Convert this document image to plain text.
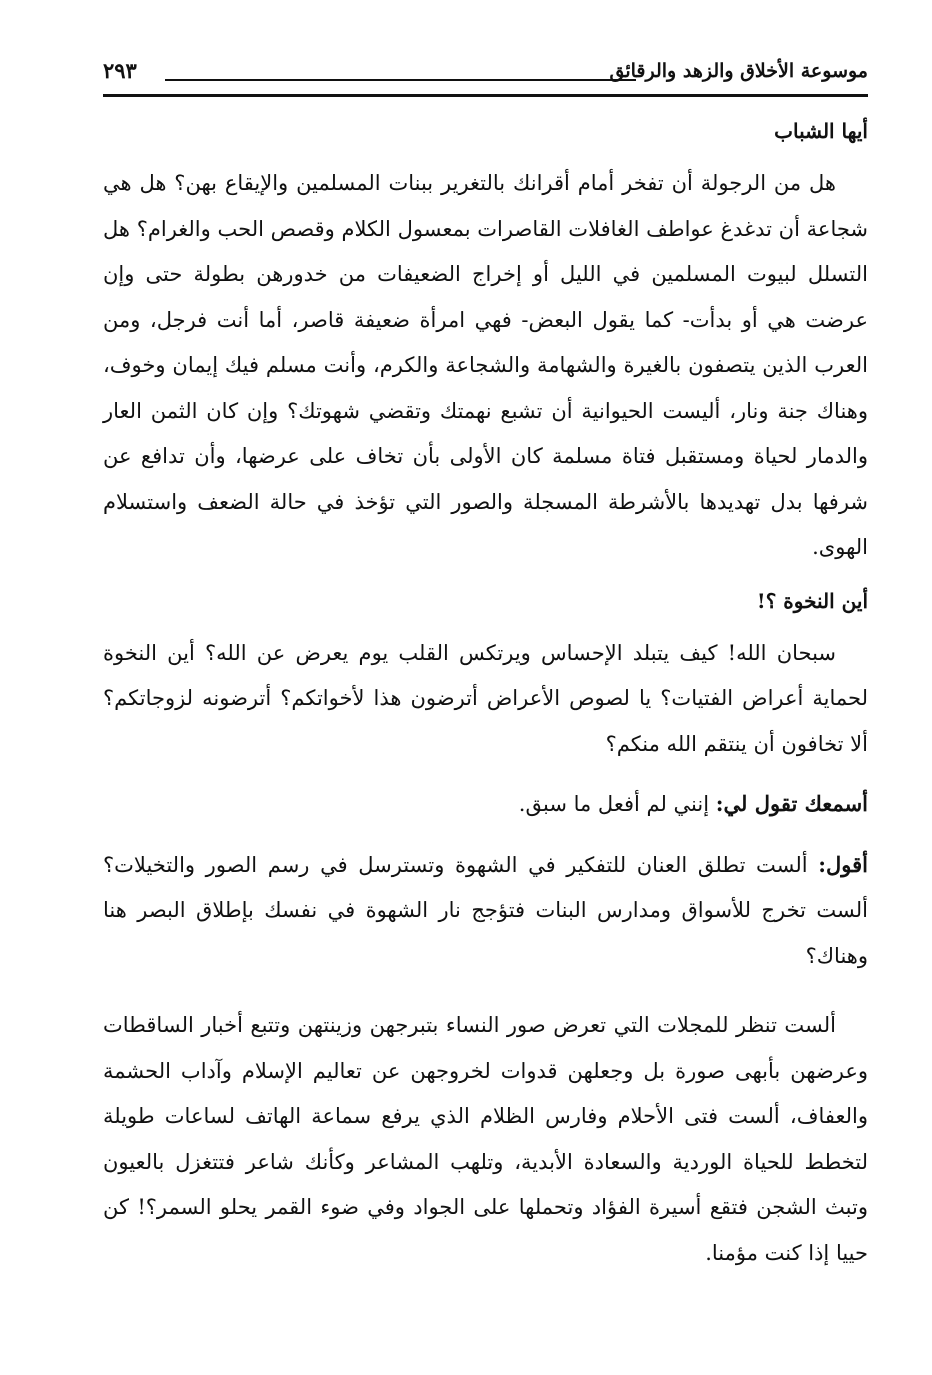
موسوعة الأخلاق والزهد والرقائق
٢٩٣
أيها الشباب

هل من الرجولة أن تفخر أمام أقرانك بالتغرير ببنات المسلمين والإيقاع بهن؟ هل هي شجاعة أن تدغدغ عواطف الغافلات القاصرات بمعسول الكلام وقصص الحب والغرام؟ هل التسلل لبيوت المسلمين في الليل أو إخراج الضعيفات من خدورهن بطولة حتى وإن عرضت هي أو بدأت- كما يقول البعض- فهي امرأة ضعيفة قاصر، أما أنت فرجل، ومن العرب الذين يتصفون بالغيرة والشهامة والشجاعة والكرم، وأنت مسلم فيك إيمان وخوف، وهناك جنة ونار، أليست الحيوانية أن تشبع نهمتك وتقضي شهوتك؟ وإن كان الثمن العار والدمار لحياة ومستقبل فتاة مسلمة كان الأولى بأن تخاف على عرضها، وأن تدافع عن شرفها بدل تهديدها بالأشرطة المسجلة والصور التي تؤخذ في حالة الضعف واستسلام الهوى.

أين النخوة ؟!

سبحان الله! كيف يتبلد الإحساس ويرتكس القلب يوم يعرض عن الله؟ أين النخوة لحماية أعراض الفتيات؟ يا لصوص الأعراض أترضون هذا لأخواتكم؟ أترضونه لزوجاتكم؟ ألا تخافون أن ينتقم الله منكم؟

أسمعك تقول لي: إنني لم أفعل ما سبق.

أقول: ألست تطلق العنان للتفكير في الشهوة وتسترسل في رسم الصور والتخيلات؟ ألست تخرج للأسواق ومدارس البنات فتؤجج نار الشهوة في نفسك بإطلاق البصر هنا وهناك؟

ألست تنظر للمجلات التي تعرض صور النساء بتبرجهن وزينتهن وتتبع أخبار الساقطات وعرضهن بأبهى صورة بل وجعلهن قدوات لخروجهن عن تعاليم الإسلام وآداب الحشمة والعفاف، ألست فتى الأحلام وفارس الظلام الذي يرفع سماعة الهاتف لساعات طويلة لتخطط للحياة الوردية والسعادة الأبدية، وتلهب المشاعر وكأنك شاعر فتتغزل بالعيون وتبث الشجن فتقع أسيرة الفؤاد وتحملها على الجواد وفي ضوء القمر يحلو السمر؟! كن حييا إذا كنت مؤمنا.
